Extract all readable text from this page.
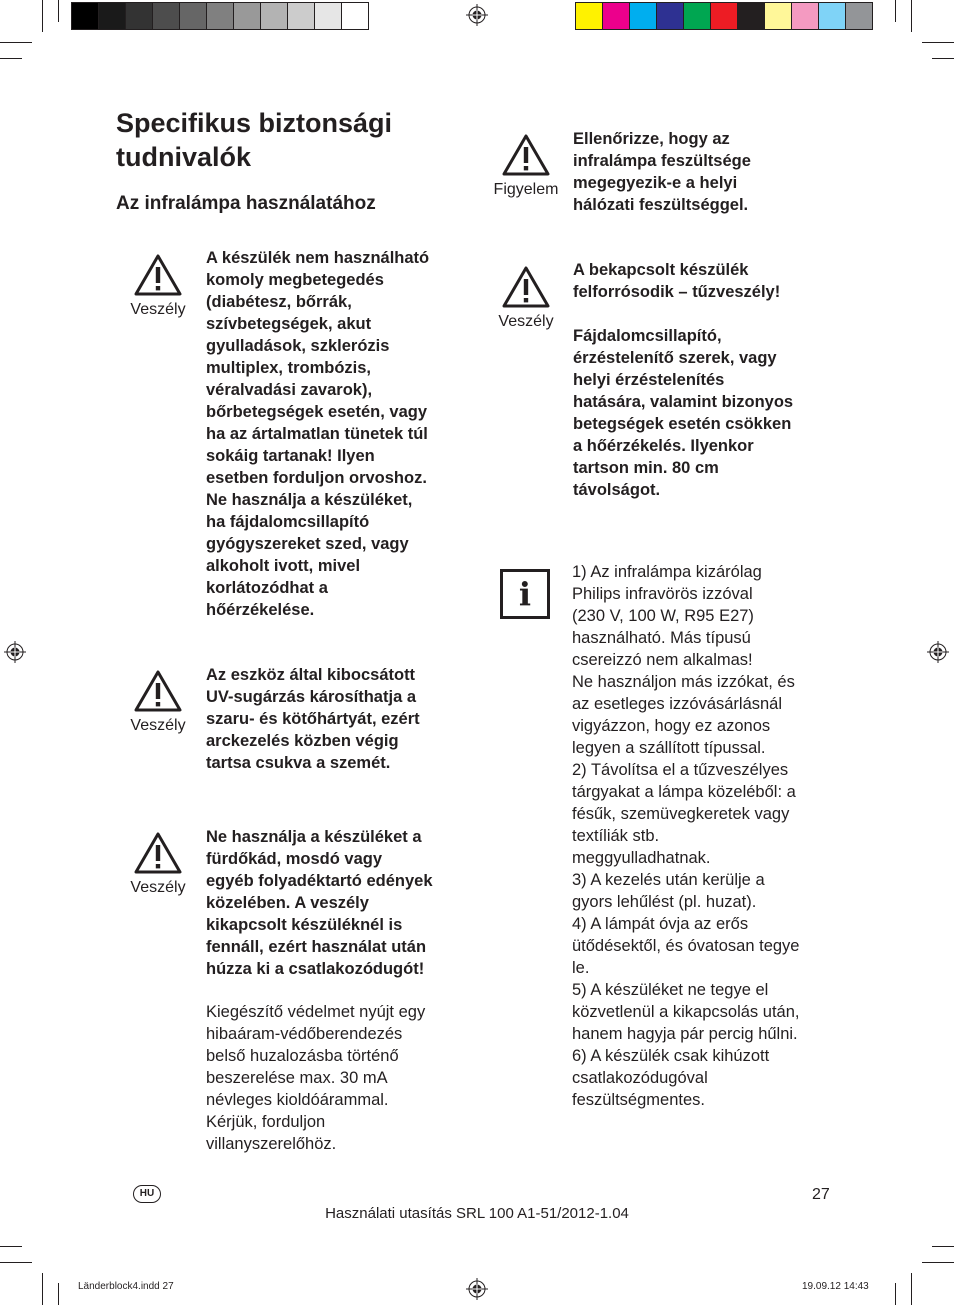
Specifikus biztonsági
tudnivalók
Az infralámpa használatához
Veszély

A készülék nem használható

komoly megbetegedés

(diabétesz, bőrrák,

szívbetegségek, akut

gyulladások, szklerózis

multiplex, trombózis,

véralvadási zavarok),

bőrbetegségek esetén, vagy

ha az ártalmatlan tünetek túl

sokáig tartanak! Ilyen

esetben forduljon orvoshoz.

Ne használja a készüléket,

ha fájdalomcsillapító

gyógyszereket szed, vagy

alkoholt ivott, mivel

korlátozódhat a

hőérzékelése.

Veszély

Az eszköz által kibocsátott

UV-sugárzás károsíthatja a

szaru- és kötőhártyát, ezért

arckezelés közben végig

tartsa csukva a szemét.

Veszély

Ne használja a készüléket a

fürdőkád, mosdó vagy

egyéb folyadéktartó edények

közelében. A veszély

kikapcsolt készüléknél is

fennáll, ezért használat után

húzza ki a csatlakozódugót!

Kiegészítő védelmet nyújt egy

hibaáram-védőberendezés

belső huzalozásba történő

beszerelése max. 30 mA

névleges kioldóárammal.

Kérjük, forduljon

villanyszerelőhöz.

Figyelem

Ellenőrizze, hogy az

infralámpa feszültsége

megegyezik-e a helyi

hálózati feszültséggel.

Veszély

A bekapcsolt készülék

felforrósodik – tűzveszély!

Fájdalomcsillapító,

érzéstelenítő szerek, vagy

helyi érzéstelenítés

hatására, valamint bizonyos

betegségek esetén csökken

a hőérzékelés. Ilyenkor

tartson min. 80 cm

távolságot.

i

1) Az infralámpa kizárólag

Philips infravörös izzóval

(230 V, 100 W, R95 E27)

használható. Más típusú

csereizzó nem alkalmas!

Ne használjon más izzókat, és

az esetleges izzóvásárlásnál

vigyázzon, hogy ez azonos

legyen a szállított típussal.

2) Távolítsa el a tűzveszélyes

tárgyakat a lámpa közeléből: a

fésűk, szemüvegkeretek vagy

textíliák stb.

meggyulladhatnak.

3) A kezelés után kerülje a

gyors lehűlést (pl. huzat).

4) A lámpát óvja az erős

ütődésektől, és óvatosan tegye

le.

5) A készüléket ne tegye el

közvetlenül a kikapcsolás után,

hanem hagyja pár percig hűlni.

6) A készülék csak kihúzott

csatlakozódugóval

feszültségmentes.

HU	27
Használati utasítás SRL 100 A1-51/2012-1.04
Länderblock4.indd 27	19.09.12 14:43
